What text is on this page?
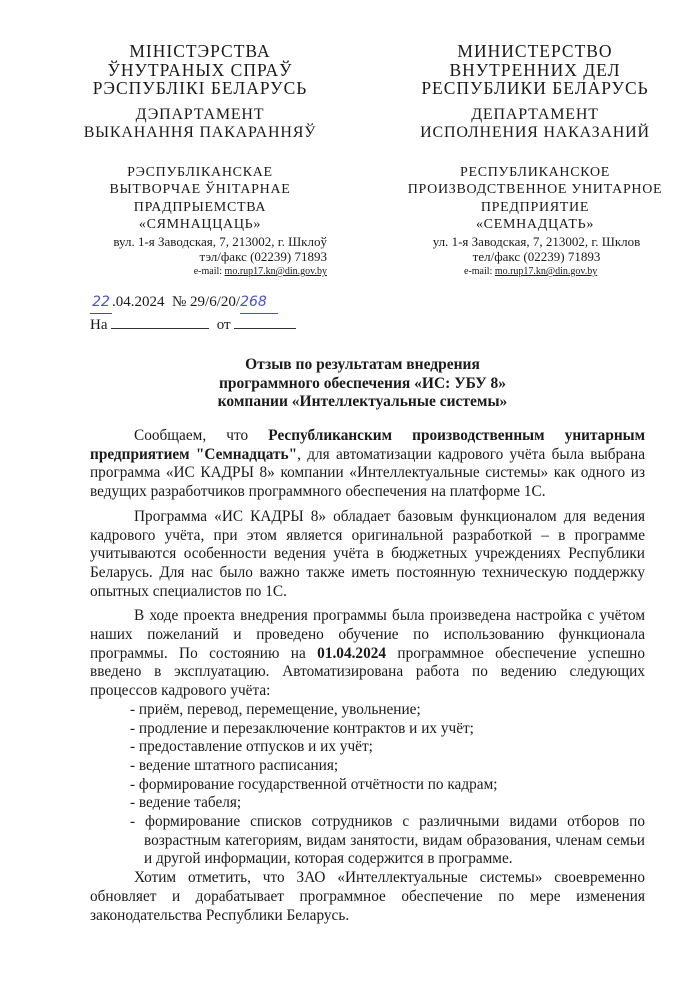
МІНІСТЭРСТВА
ЎНУТРАНЫХ СПРАЎ
РЭСПУБЛІКІ БЕЛАРУСЬ
ДЭПАРТАМЕНТ
ВЫКАНАННЯ ПАКАРАННЯЎ
РЭСПУБЛІКАНСКАЕ
ВЫТВОРЧАЕ ЎНІТАРНАЕ
ПРАДПРЫЕМСТВА
«СЯМНАЦЦАЦЬ»
МИНИСТЕРСТВО
ВНУТРЕННИХ ДЕЛ
РЕСПУБЛИКИ БЕЛАРУСЬ
ДЕПАРТАМЕНТ
ИСПОЛНЕНИЯ НАКАЗАНИЙ
РЕСПУБЛИКАНСКОЕ
ПРОИЗВОДСТВЕННОЕ УНИТАРНОЕ
ПРЕДПРИЯТИЕ
«СЕМНАДЦАТЬ»
вул. 1-я Заводская, 7, 213002, г. Шклоў
тэл/факс (02239) 71893
e-mail: mo.rup17.kn@din.gov.by
ул. 1-я Заводская, 7, 213002, г. Шклов
тел/факс (02239) 71893
e-mail: mo.rup17.kn@din.gov.by
22 .04.2024 № 29/6/20/268
На	от
Отзыв по результатам внедрения
программного обеспечения «ИС: УБУ 8»
компании «Интеллектуальные системы»

Сообщаем, что Республиканским производственным унитарным предприятием "Семнадцать", для автоматизации кадрового учёта была выбрана программа «ИС КАДРЫ 8» компании «Интеллектуальные системы» как одного из ведущих разработчиков программного обеспечения на платформе 1С.

Программа «ИС КАДРЫ 8» обладает базовым функционалом для ведения кадрового учёта, при этом является оригинальной разработкой – в программе учитываются особенности ведения учёта в бюджетных учреждениях Республики Беларусь. Для нас было важно также иметь постоянную техническую поддержку опытных специалистов по 1С.

В ходе проекта внедрения программы была произведена настройка с учётом наших пожеланий и проведено обучение по использованию функционала программы. По состоянию на 01.04.2024 программное обеспечение успешно введено в эксплуатацию. Автоматизирована работа по ведению следующих процессов кадрового учёта:

- приём, перевод, перемещение, увольнение;
- продление и перезаключение контрактов и их учёт;
- предоставление отпусков и их учёт;
- ведение штатного расписания;
- формирование государственной отчётности по кадрам;
- ведение табеля;
- формирование списков сотрудников с различными видами отборов по возрастным категориям, видам занятости, видам образования, членам семьи и другой информации, которая содержится в программе.

Хотим отметить, что ЗАО «Интеллектуальные системы» своевременно обновляет и дорабатывает программное обеспечение по мере изменения законодательства Республики Беларусь.
